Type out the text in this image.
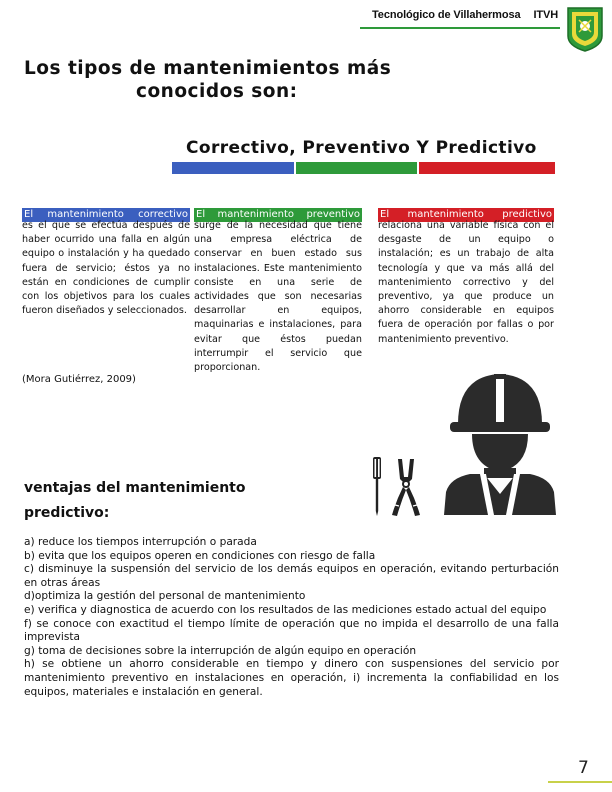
Tecnológico de Villahermosa ITVH
Los tipos de mantenimientos más
conocidos son:
Correctivo, Preventivo Y Predictivo
El mantenimiento correctivo
es el que se efectúa después de haber ocurrido una falla en algún equipo o instalación y ha quedado fuera de servicio; éstos ya no están en condiciones de cumplir con los objetivos para los cuales fueron diseñados y seleccionados.
El mantenimiento preventivo
surge de la necesidad que tiene una empresa eléctrica de conservar en buen estado sus instalaciones. Este mantenimiento consiste en una serie de actividades que son necesarias desarrollar en equipos, maquinarias e instalaciones, para evitar que éstos puedan interrumpir el servicio que proporcionan.
El mantenimiento predictivo
relaciona una variable física con el desgaste de un equipo o instalación; es un trabajo de alta tecnología y que va más allá del mantenimiento correctivo y del preventivo, ya que produce un ahorro considerable en equipos fuera de operación por fallas o por mantenimiento preventivo.
(Mora Gutiérrez, 2009)
ventajas del mantenimiento predictivo:
a) reduce los tiempos interrupción o parada
b) evita que los equipos operen en condiciones con riesgo de falla
c) disminuye la suspensión del servicio de los demás equipos en operación, evitando perturbación en otras áreas
d)optimiza la gestión del personal de mantenimiento
e) verifica y diagnostica de acuerdo con los resultados de las mediciones estado actual del equipo
f) se conoce con exactitud el tiempo límite de operación que no impida el desarrollo de una falla imprevista
g) toma de decisiones sobre la interrupción de algún equipo en operación
h) se obtiene un ahorro considerable en tiempo y dinero con suspensiones del servicio por mantenimiento preventivo en instalaciones en operación, i) incrementa la confiabilidad en los equipos, materiales e instalación en general.
7
